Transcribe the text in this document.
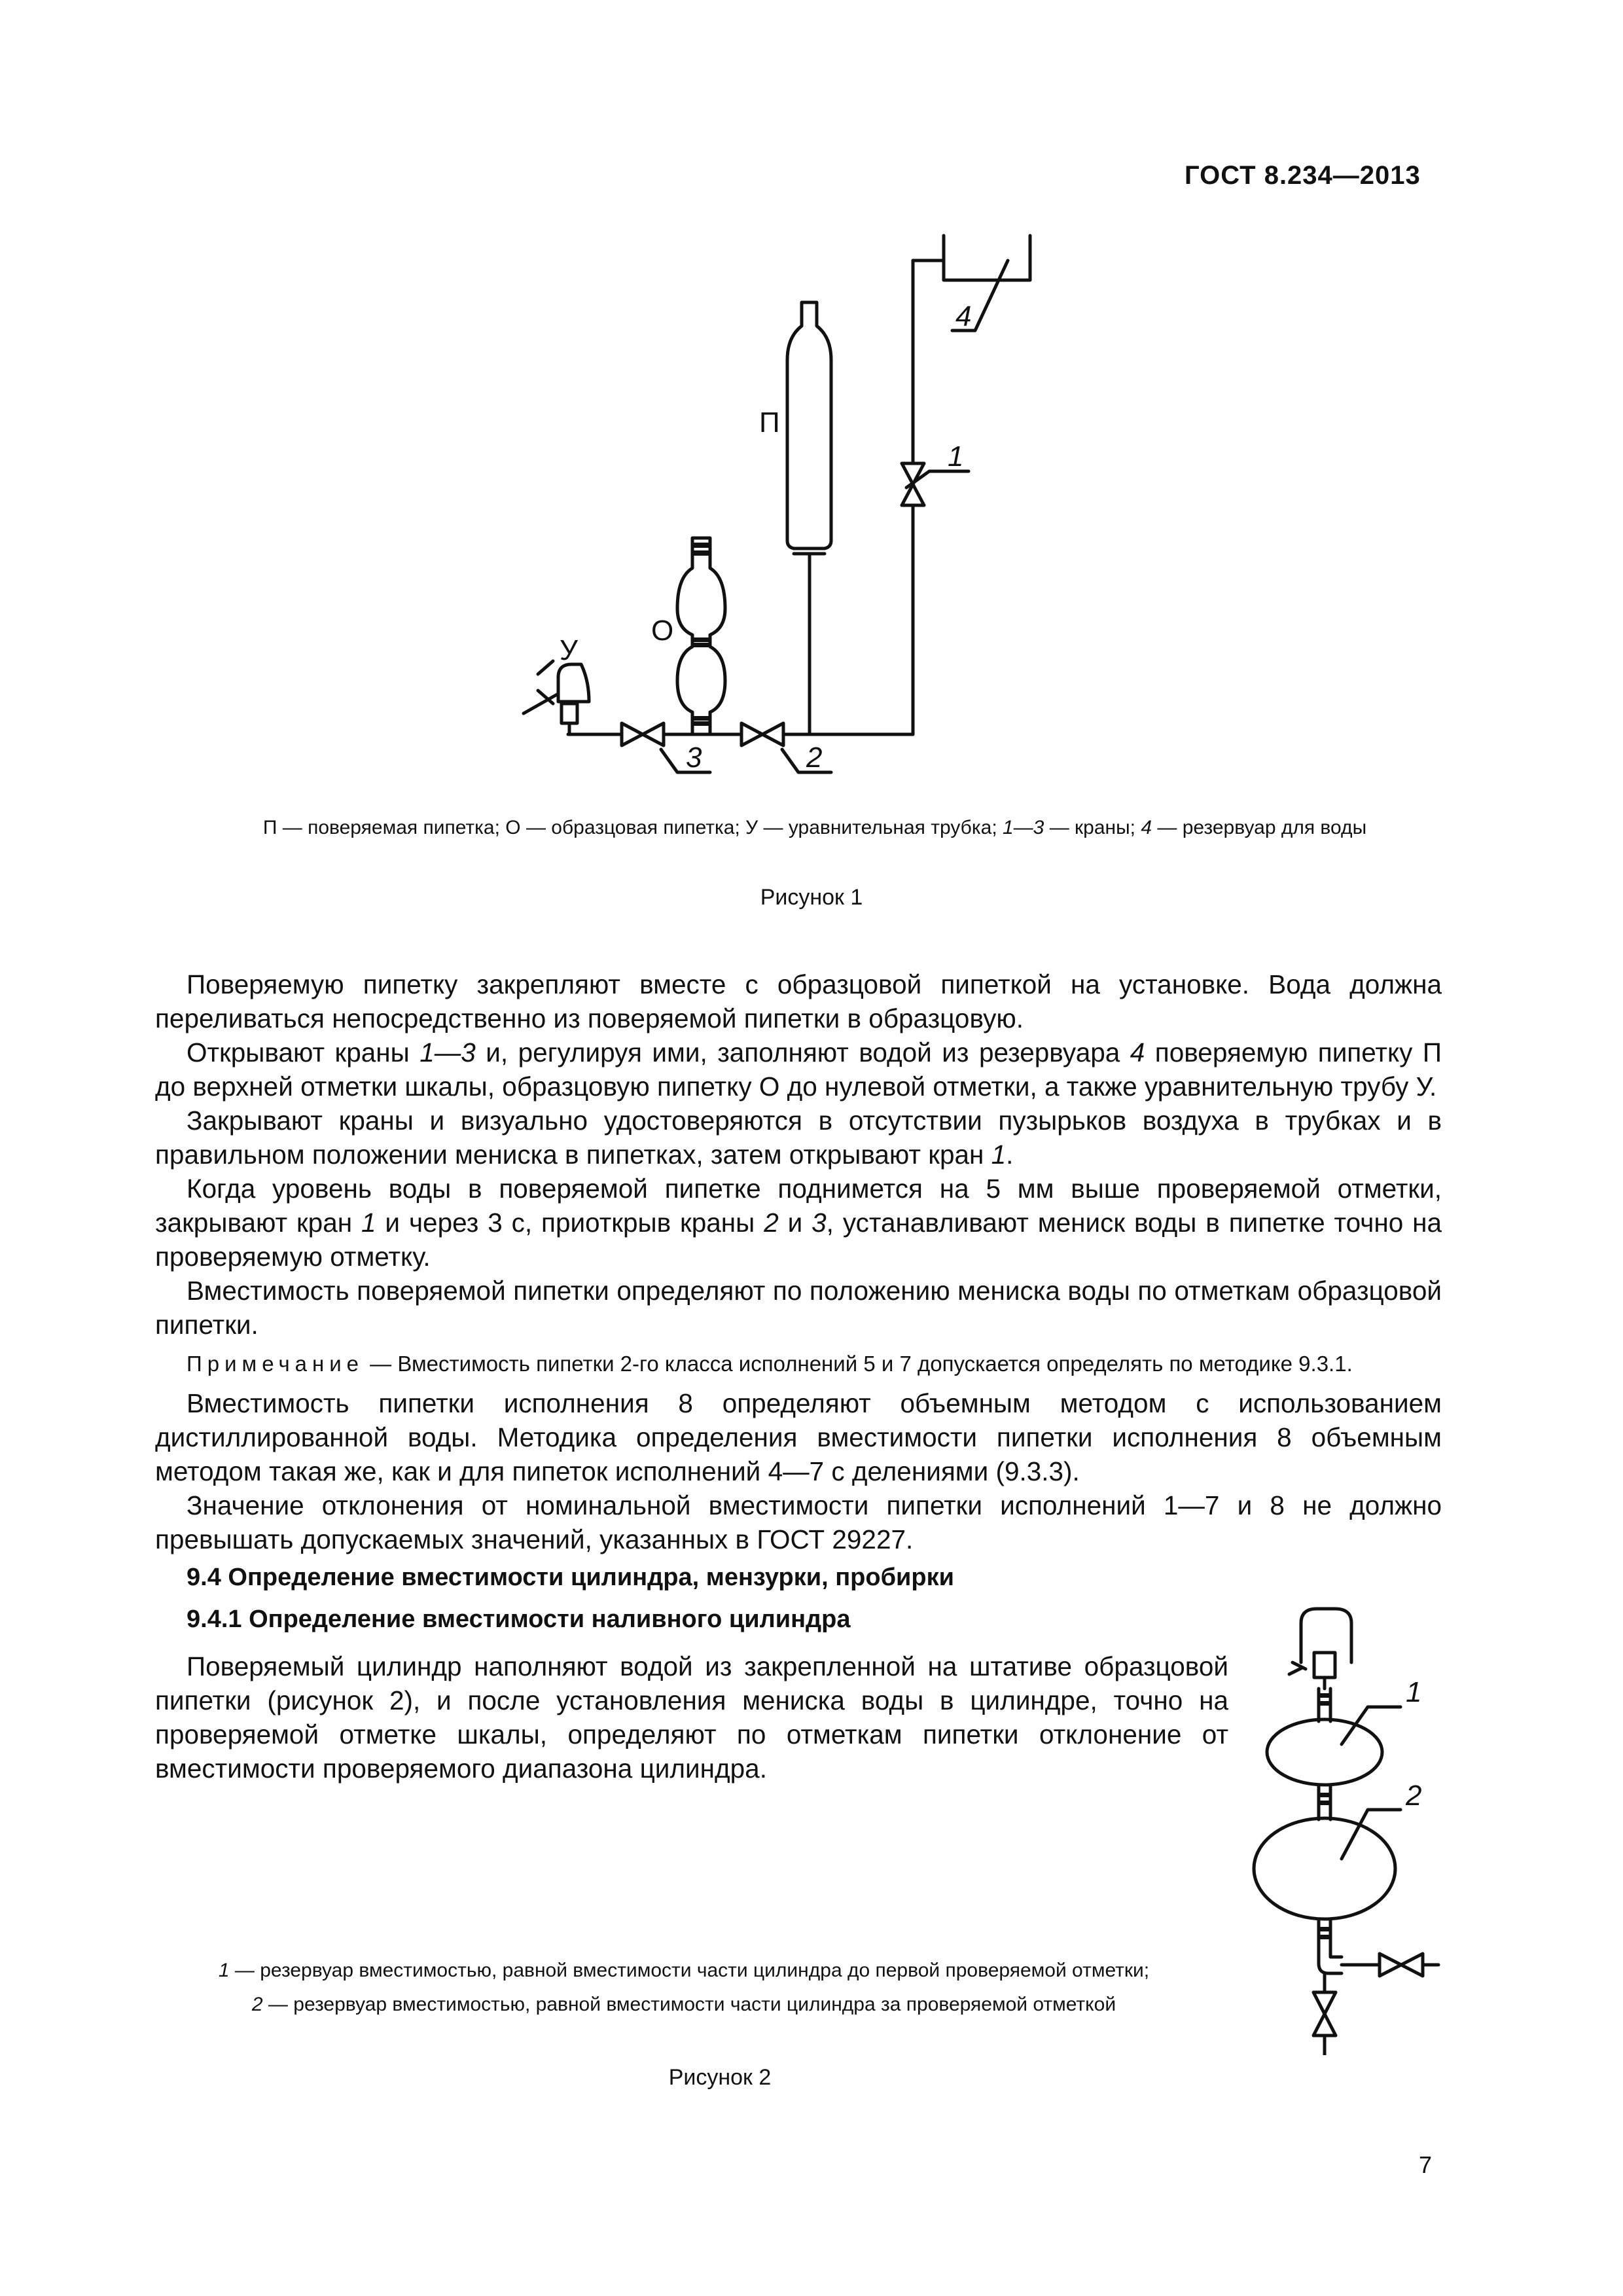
ГОСТ 8.234—2013
П
О
У
4
1
2
3
П — поверяемая пипетка; О — образцовая пипетка; У — уравнительная трубка; 1—3 — краны; 4 — резервуар для воды
Рисунок 1

Поверяемую пипетку закрепляют вместе с образцовой пипеткой на установке. Вода должна переливаться непосредственно из поверяемой пипетки в образцовую.

Открывают краны 1—3 и, регулируя ими, заполняют водой из резервуара 4 поверяемую пипетку П до верхней отметки шкалы, образцовую пипетку О до нулевой отметки, а также уравнительную трубу У.

Закрывают краны и визуально удостоверяются в отсутствии пузырьков воздуха в трубках и в правильном положении мениска в пипетках, затем открывают кран 1.

Когда уровень воды в поверяемой пипетке поднимется на 5 мм выше проверяемой отметки, закрывают кран 1 и через 3 с, приоткрыв краны 2 и 3, устанавливают мениск воды в пипетке точно на проверяемую отметку.

Вместимость поверяемой пипетки определяют по положению мениска воды по отметкам образцовой пипетки.

Примечание — Вместимость пипетки 2-го класса исполнений 5 и 7 допускается определять по методике 9.3.1.

Вместимость пипетки исполнения 8 определяют объемным методом с использованием дистиллированной воды. Методика определения вместимости пипетки исполнения 8 объемным методом такая же, как и для пипеток исполнений 4—7 с делениями (9.3.3).

Значение отклонения от номинальной вместимости пипетки исполнений 1—7 и 8 не должно превышать допускаемых значений, указанных в ГОСТ 29227.

9.4 Определение вместимости цилиндра, мензурки, пробирки
9.4.1 Определение вместимости наливного цилиндра

Поверяемый цилиндр наполняют водой из закрепленной на штативе образцовой пипетки (рисунок 2), и после установления мениска воды в цилиндре, точно на проверяемой отметке шкалы, определяют по отметкам пипетки отклонение от вместимости проверяемого диапазона цилиндра.

1
2
1 — резервуар вместимостью, равной вместимости части цилиндра до первой проверяемой отметки;
2 — резервуар вместимостью, равной вместимости части цилиндра за проверяемой отметкой
Рисунок 2
7
